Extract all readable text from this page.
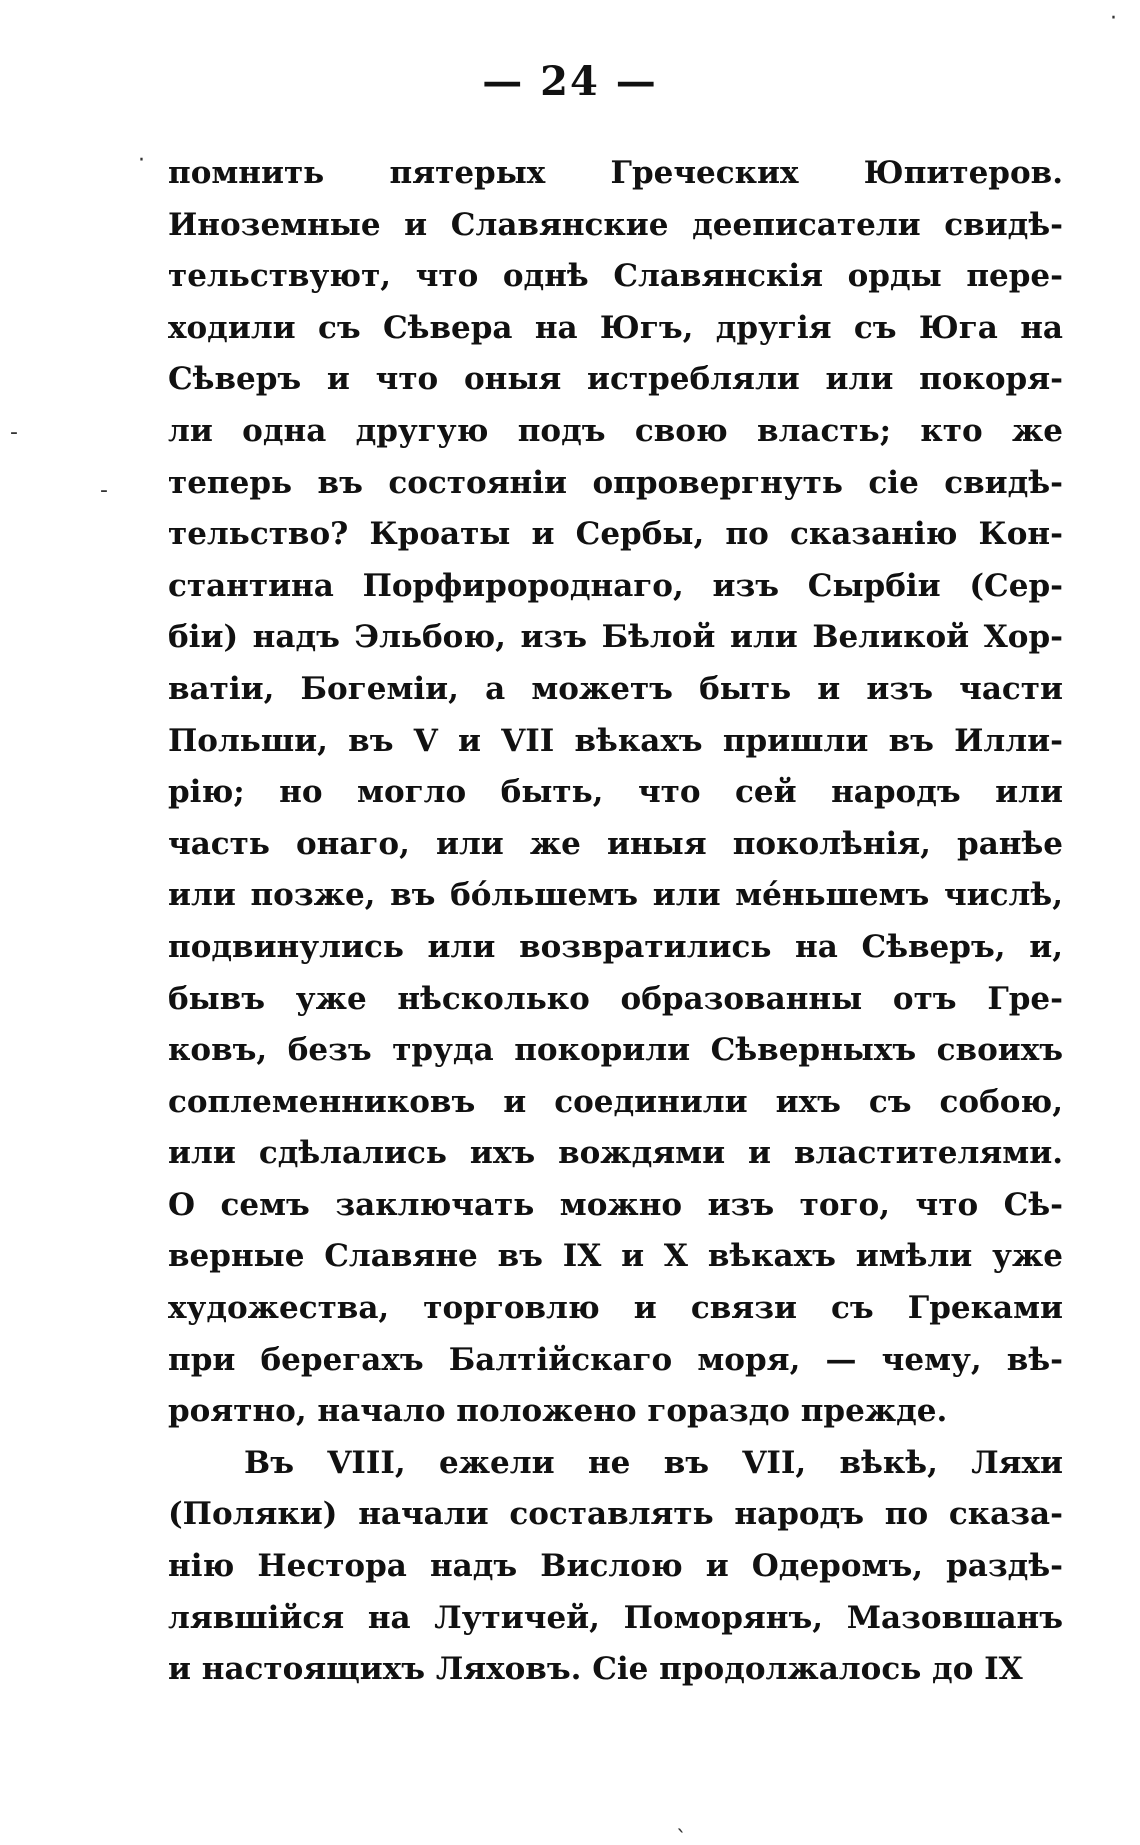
— 24 —
помнить пятерых Греческих Юпитеров.
Иноземные и Славянские дееписатели свидѣ-
тельствуют, что однѣ Славянскія орды пере-
ходили съ Сѣвера на Югъ, другія съ Юга на
Сѣверъ и что оныя истребляли или покоря-
ли одна другую подъ свою власть; кто же
теперь въ состояніи опровергнуть сіе свидѣ-
тельство? Кроаты и Сербы, по сказанію Кон-
стантина Порфиророднаго, изъ Сырбіи (Сер-
біи) надъ Эльбою, изъ Бѣлой или Великой Хор-
ватіи, Богеміи, а можетъ быть и изъ части
Польши, въ V и VII вѣкахъ пришли въ Илли-
рію; но могло быть, что сей народъ или
часть онаго, или же иныя поколѣнія, ранѣе
или позже, въ бо́льшемъ или ме́ньшемъ числѣ,
подвинулись или возвратились на Сѣверъ, и,
бывъ уже нѣсколько образованны отъ Гре-
ковъ, безъ труда покорили Сѣверныхъ своихъ
соплеменниковъ и соединили ихъ съ собою,
или сдѣлались ихъ вождями и властителями.
О семъ заключать можно изъ того, что Сѣ-
верные Славяне въ IX и X вѣкахъ имѣли уже
художества, торговлю и связи съ Греками
при берегахъ Балтійскаго моря, — чему, вѣ-
роятно, начало положено гораздо прежде.
Въ VIII, ежели не въ VII, вѣкѣ, Ляхи
(Поляки) начали составлять народъ по сказа-
нію Нестора надъ Вислою и Одеромъ, раздѣ-
лявшійся на Лутичей, Поморянъ, Мазовшанъ
и настоящихъ Ляховъ. Сіе продолжалось до IX
·
·
-
-
ˎ
